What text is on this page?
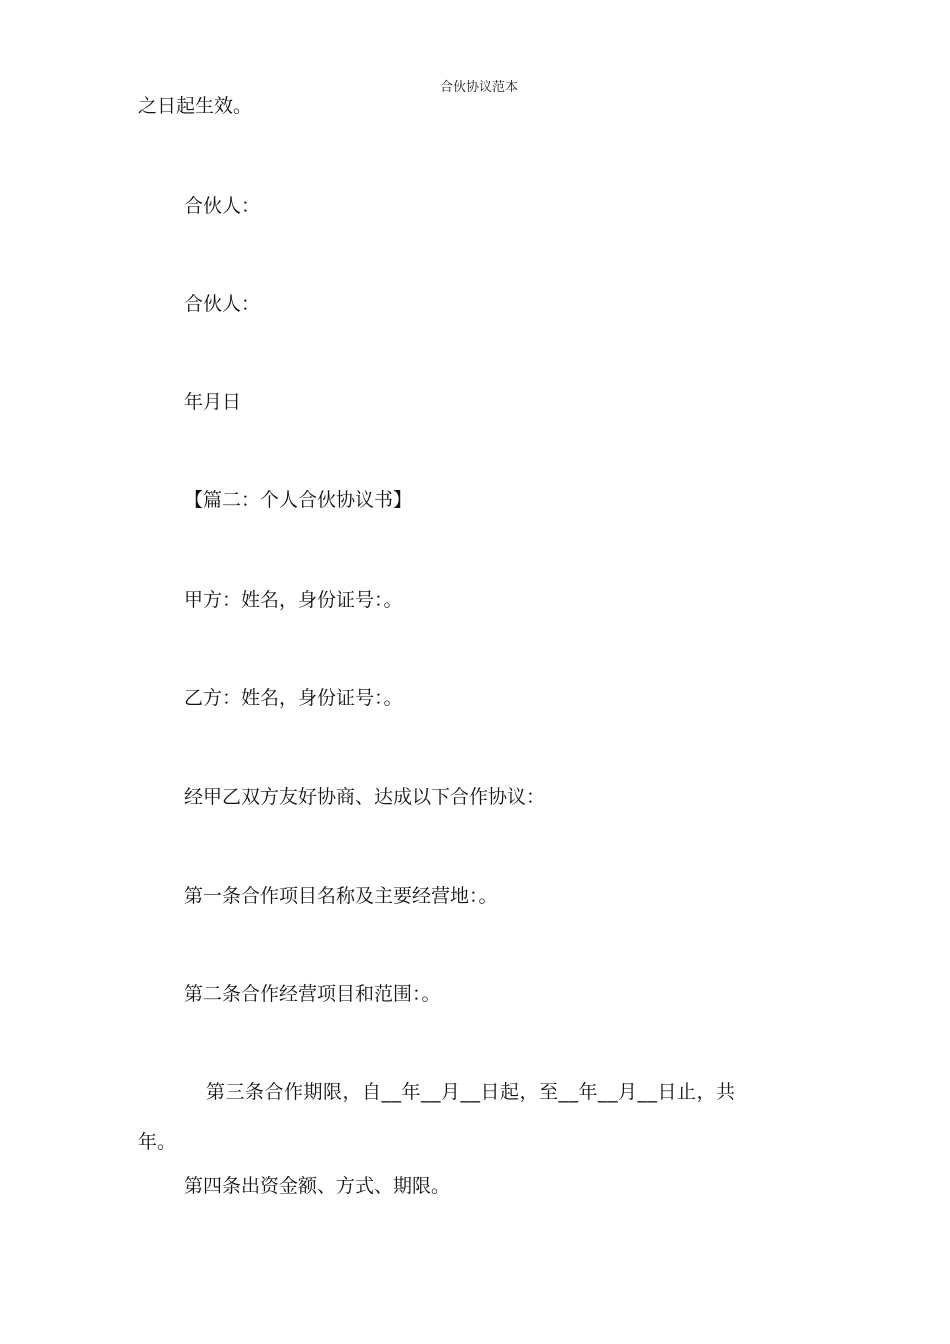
合伙协议范本
之日起生效。
合伙人：
合伙人：
年月日
【篇二：个人合伙协议书】
甲方：姓名，身份证号：。
乙方：姓名，身份证号：。
经甲乙双方友好协商、达成以下合作协议：
第一条合作项目名称及主要经营地：。
第二条合作经营项目和范围：。
第三条合作期限，自__年__月__日起，至__年__月__日止，共
年。
第四条出资金额、方式、期限。
